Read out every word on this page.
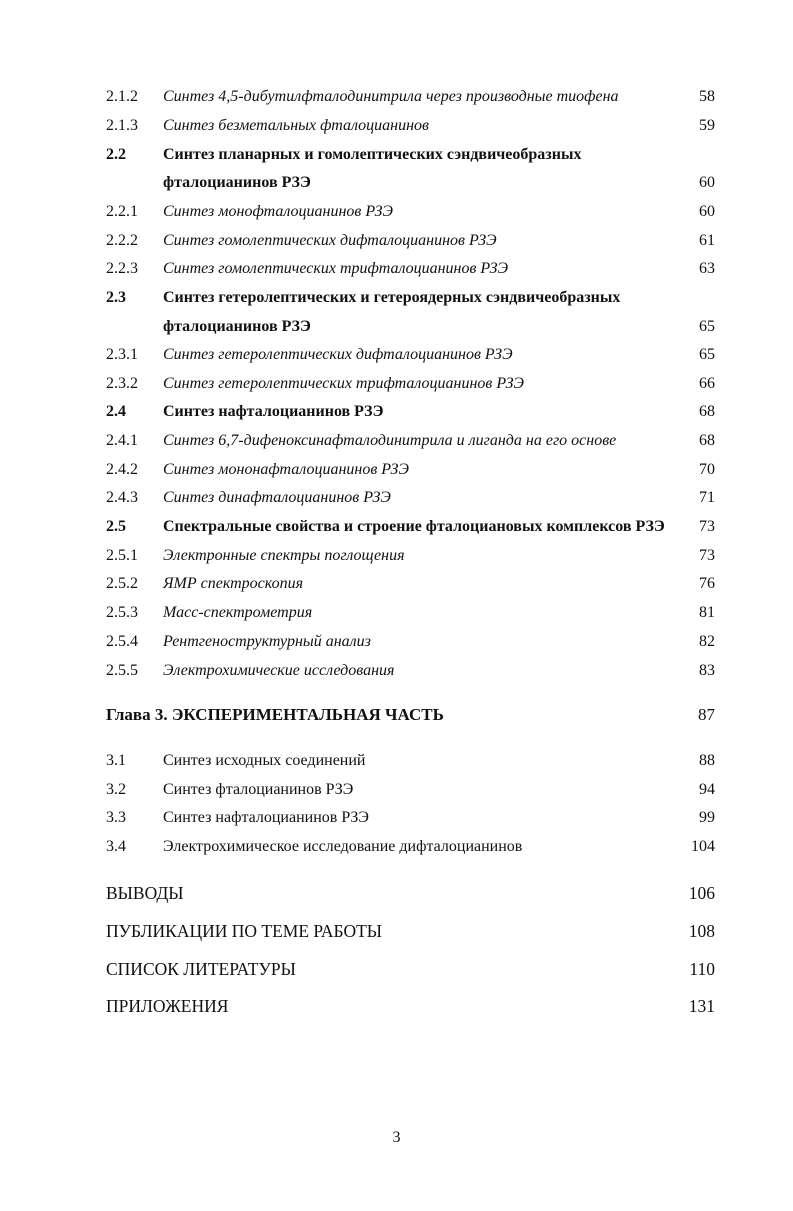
2.1.2 Синтез 4,5-дибутилфталодинитрила через производные тиофена	58
2.1.3 Синтез безметальных фталоцианинов	59
2.2 Синтез планарных и гомолептических сэндвичеобразных
фталоцианинов РЗЭ	60
2.2.1 Синтез монофталоцианинов РЗЭ	60
2.2.2 Синтез гомолептических дифталоцианинов РЗЭ	61
2.2.3 Синтез гомолептических трифталоцианинов РЗЭ	63
2.3 Синтез гетеролептических и гетероядерных сэндвичеобразных
фталоцианинов РЗЭ	65
2.3.1 Синтез гетеролептических дифталоцианинов РЗЭ	65
2.3.2 Синтез гетеролептических трифталоцианинов РЗЭ	66
2.4 Синтез нафталоцианинов РЗЭ	68
2.4.1 Синтез 6,7-дифеноксинафталодинитрила и лиганда на его основе	68
2.4.2 Синтез мононафталоцианинов РЗЭ	70
2.4.3 Синтез динафталоцианинов РЗЭ	71
2.5 Спектральные свойства и строение фталоциановых комплексов РЗЭ 73
2.5.1 Электронные спектры поглощения	73
2.5.2 ЯМР спектроскопия	76
2.5.3 Масс-спектрометрия	81
2.5.4 Рентгеноструктурный анализ	82
2.5.5 Электрохимические исследования	83
Глава 3. ЭКСПЕРИМЕНТАЛЬНАЯ ЧАСТЬ	87
3.1 Синтез исходных соединений	88
3.2 Синтез фталоцианинов РЗЭ	94
3.3 Синтез нафталоцианинов РЗЭ	99
3.4 Электрохимическое исследование дифталоцианинов	104
ВЫВОДЫ	106
ПУБЛИКАЦИИ ПО ТЕМЕ РАБОТЫ	108
СПИСОК ЛИТЕРАТУРЫ	110
ПРИЛОЖЕНИЯ	131
3
